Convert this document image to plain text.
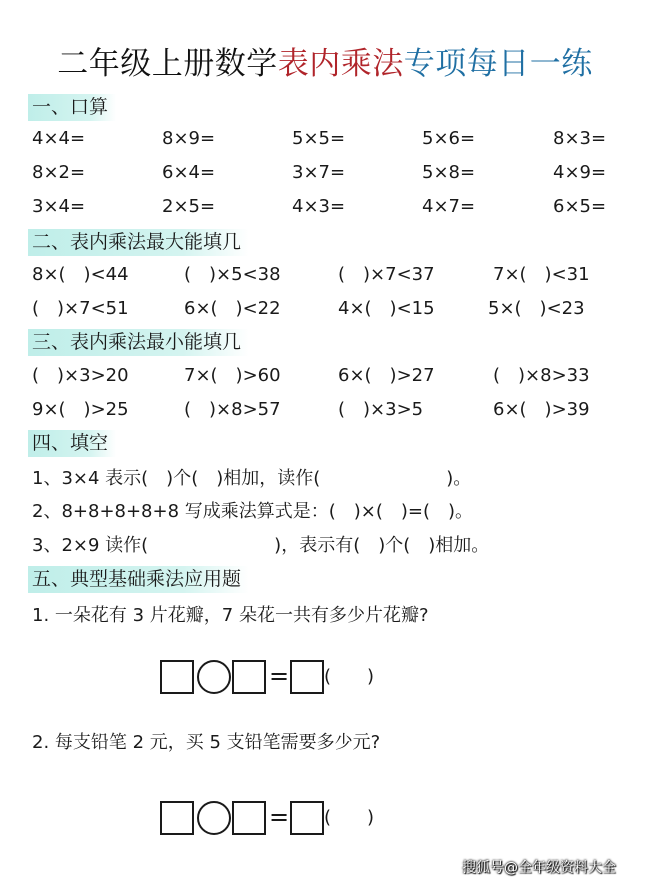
二年级上册数学表内乘法专项每日一练
一、口算
4×4=	8×9=	5×5=	5×6=	8×3=
8×2=	6×4=	3×7=	5×8=	4×9=
3×4=	2×5=	4×3=	4×7=	6×5=
二、表内乘法最大能填几
8×(　)<44	(　)×5<38	(　)×7<37	7×(　)<31
(　)×7<51	6×(　)<22	4×(　)<15	5×(　)<23
三、表内乘法最小能填几
(　)×3>20	7×(　)>60	6×(　)>27	(　)×8>33
9×(　)>25	(　)×8>57	(　)×3>5	6×(　)>39
四、填空
1、3×4 表示(　)个(　)相加，读作(　　　　　　　)。
2、8+8+8+8+8 写成乘法算式是：(　)×(　)=(　)。
3、2×9 读作(　　　　　　　)，表示有(　)个(　)相加。
五、典型基础乘法应用题
1. 一朵花有 3 片花瓣，7 朵花一共有多少片花瓣?
= (　　)
2. 每支铅笔 2 元，买 5 支铅笔需要多少元?
= (　　)
搜狐号@全年级资料大全
